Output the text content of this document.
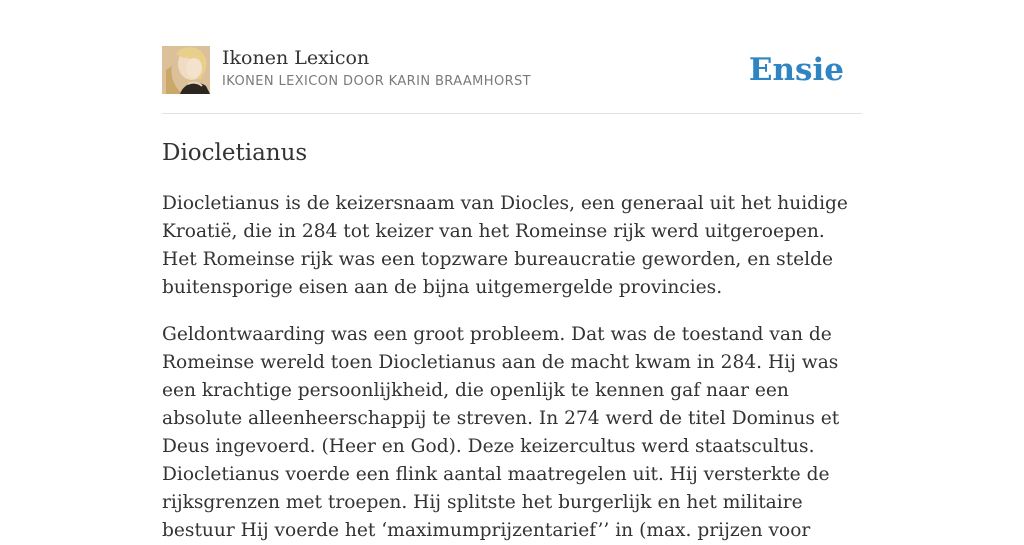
Ikonen Lexicon
IKONEN LEXICON DOOR KARIN BRAAMHORST	Ensie
Diocletianus

Diocletianus is de keizersnaam van Diocles, een generaal uit het huidige Kroatië, die in 284 tot keizer van het Romeinse rijk werd uitgeroepen. Het Romeinse rijk was een topzware bureaucratie geworden, en stelde buitensporige eisen aan de bijna uitgemergelde provincies.

Geldontwaarding was een groot probleem. Dat was de toestand van de Romeinse wereld toen Diocletianus aan de macht kwam in 284. Hij was een krachtige persoonlijkheid, die openlijk te kennen gaf naar een absolute alleenheerschappij te streven. In 274 werd de titel Dominus et Deus ingevoerd. (Heer en God). Deze keizercultus werd staatscultus. Diocletianus voerde een flink aantal maatregelen uit. Hij versterkte de rijksgrenzen met troepen. Hij splitste het burgerlijk en het militaire bestuur Hij voerde het ‘maximumprijzentarief’’ in (max. prijzen voor
